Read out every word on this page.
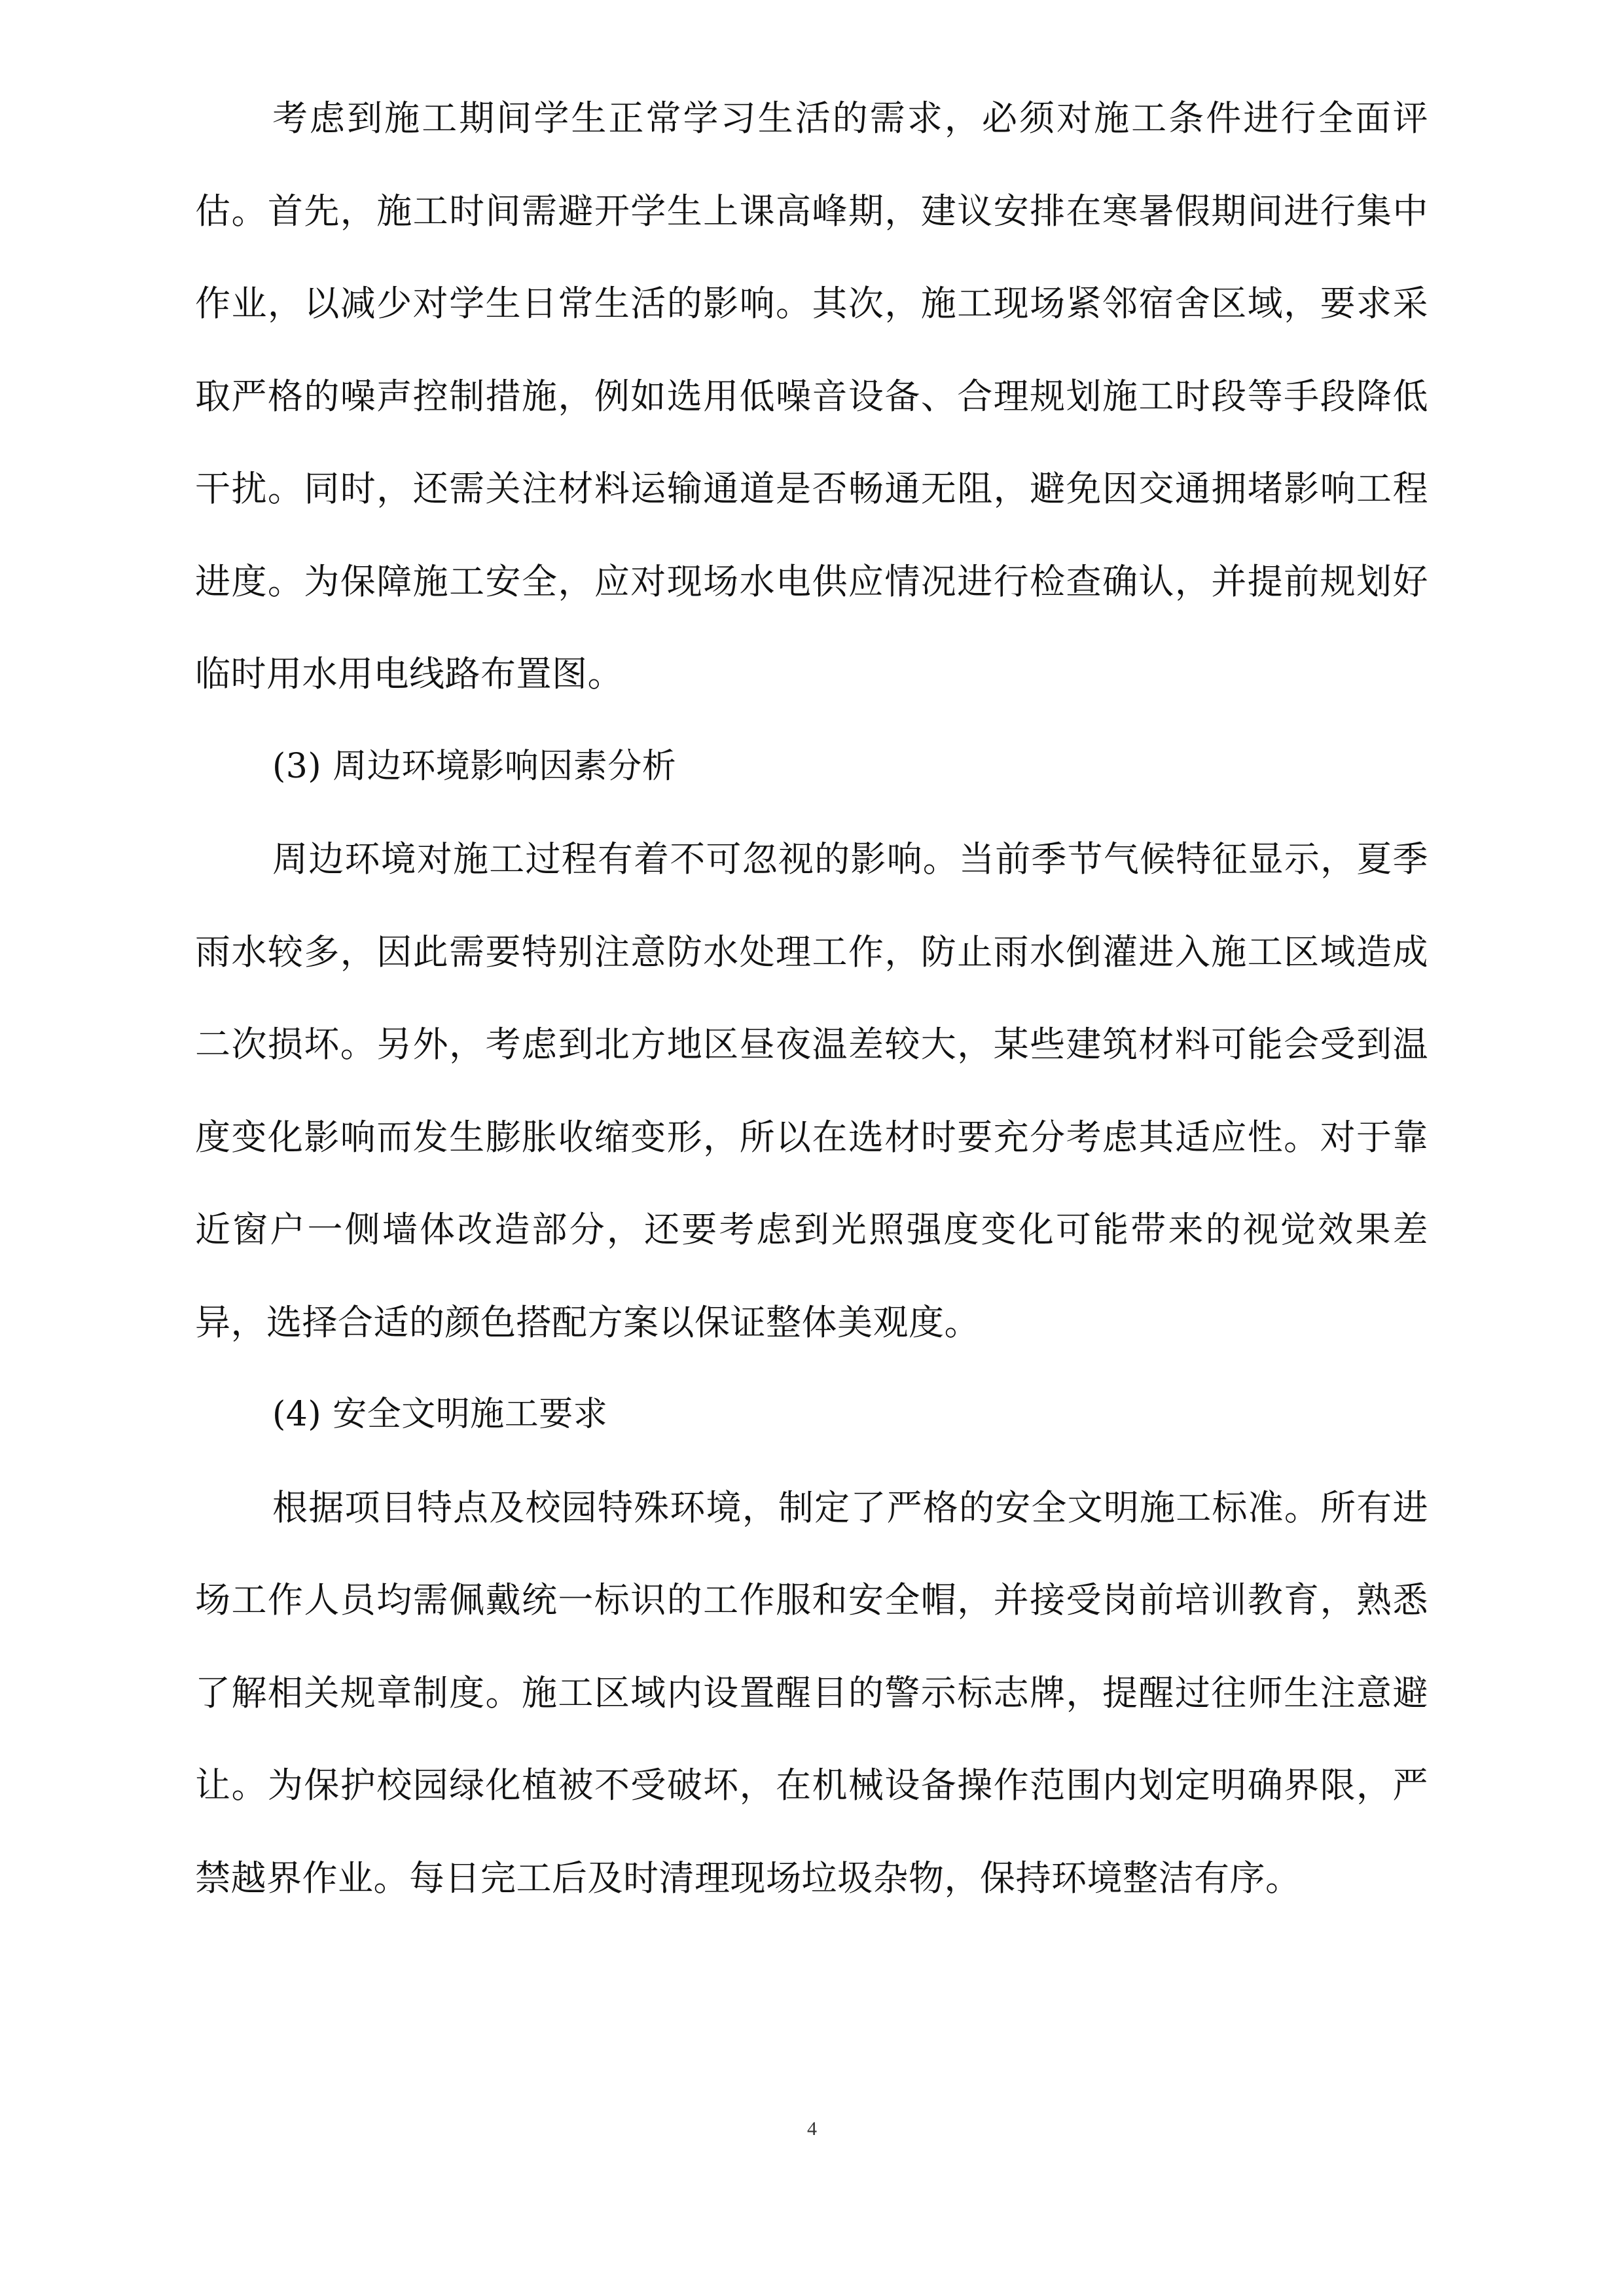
考虑到施工期间学生正常学习生活的需求，必须对施工条件进行全面评估。首先，施工时间需避开学生上课高峰期，建议安排在寒暑假期间进行集中作业，以减少对学生日常生活的影响。其次，施工现场紧邻宿舍区域，要求采取严格的噪声控制措施，例如选用低噪音设备、合理规划施工时段等手段降低干扰。同时，还需关注材料运输通道是否畅通无阻，避免因交通拥堵影响工程进度。为保障施工安全，应对现场水电供应情况进行检查确认，并提前规划好临时用水用电线路布置图。

(3) 周边环境影响因素分析

周边环境对施工过程有着不可忽视的影响。当前季节气候特征显示，夏季雨水较多，因此需要特别注意防水处理工作，防止雨水倒灌进入施工区域造成二次损坏。另外，考虑到北方地区昼夜温差较大，某些建筑材料可能会受到温度变化影响而发生膨胀收缩变形，所以在选材时要充分考虑其适应性。对于靠近窗户一侧墙体改造部分，还要考虑到光照强度变化可能带来的视觉效果差异，选择合适的颜色搭配方案以保证整体美观度。

(4) 安全文明施工要求

根据项目特点及校园特殊环境，制定了严格的安全文明施工标准。所有进场工作人员均需佩戴统一标识的工作服和安全帽，并接受岗前培训教育，熟悉了解相关规章制度。施工区域内设置醒目的警示标志牌，提醒过往师生注意避让。为保护校园绿化植被不受破坏，在机械设备操作范围内划定明确界限，严禁越界作业。每日完工后及时清理现场垃圾杂物，保持环境整洁有序。

4
